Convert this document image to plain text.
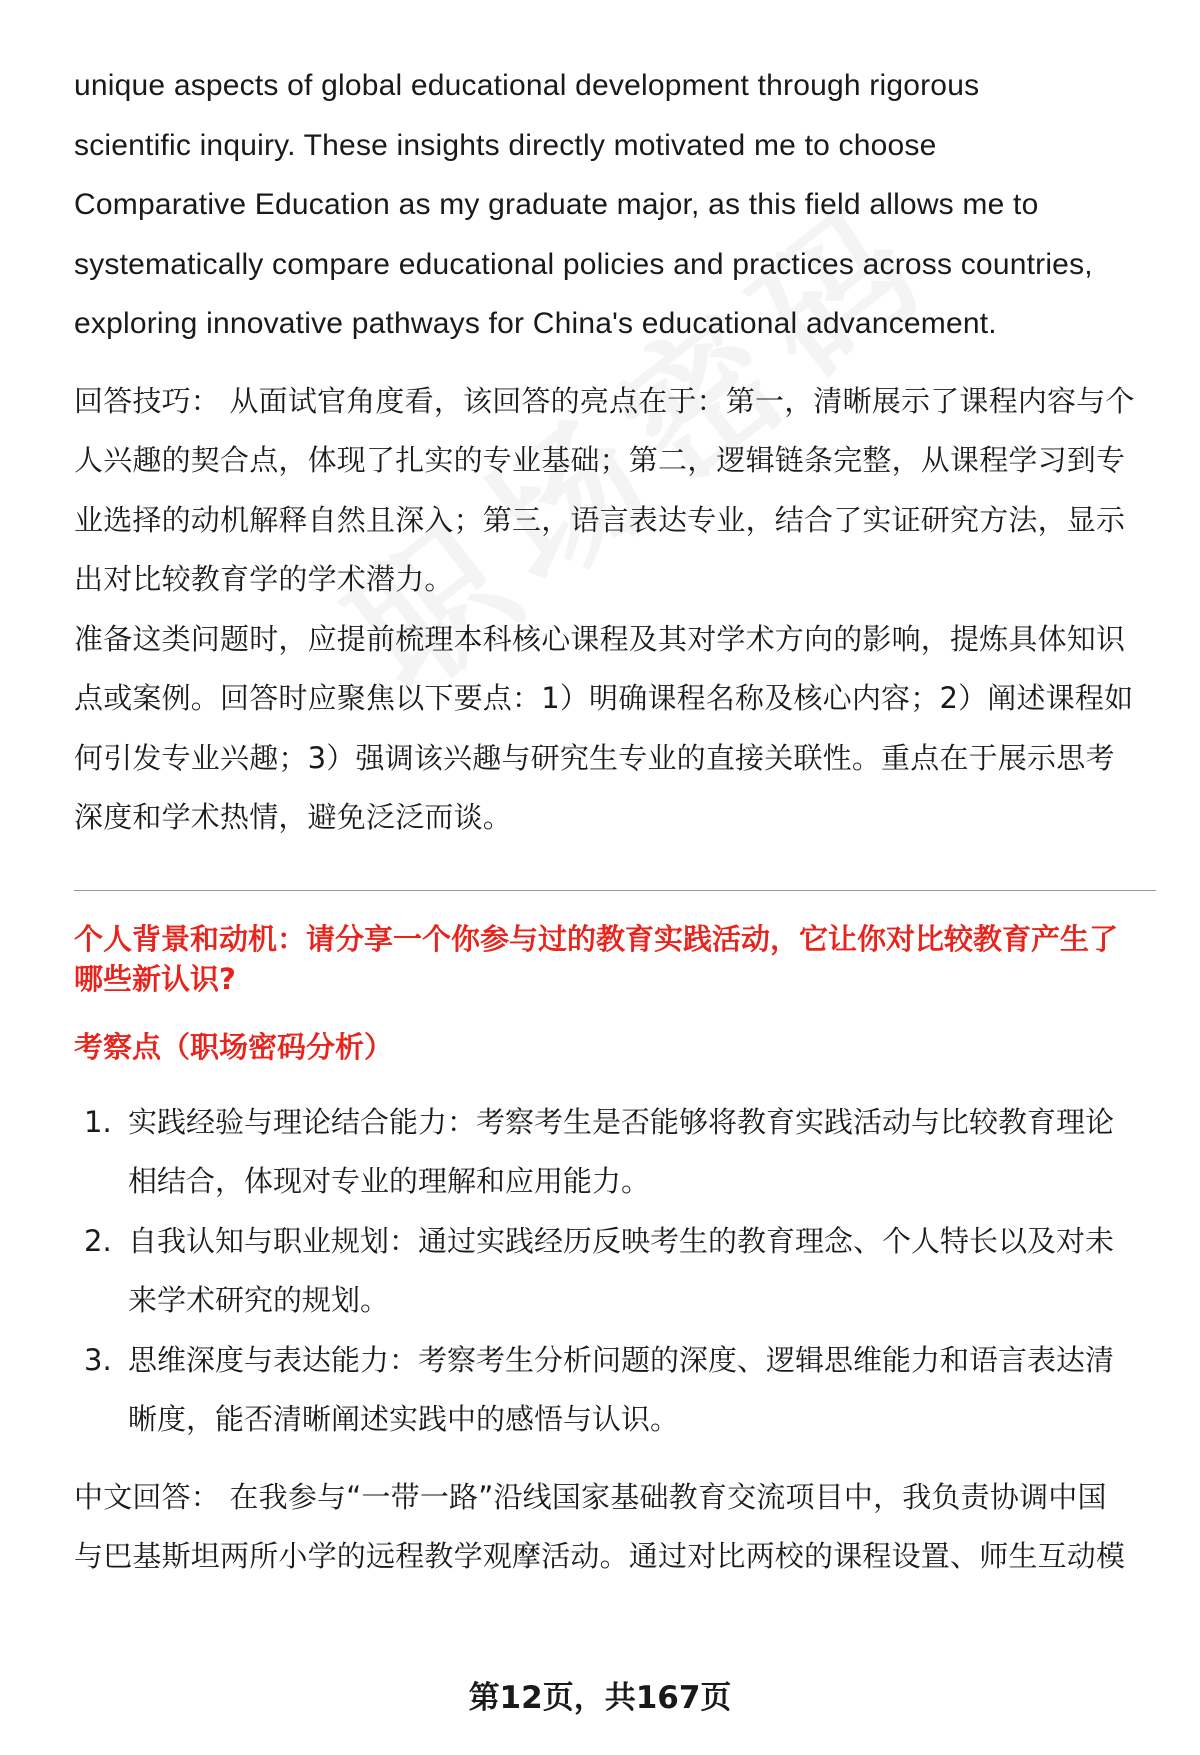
unique aspects of global educational development through rigorous

scientific inquiry. These insights directly motivated me to choose

Comparative Education as my graduate major, as this field allows me to

systematically compare educational policies and practices across countries,

exploring innovative pathways for China's educational advancement.

回答技巧： 从面试官角度看，该回答的亮点在于：第一，清晰展示了课程内容与个

人兴趣的契合点，体现了扎实的专业基础；第二，逻辑链条完整，从课程学习到专

业选择的动机解释自然且深入；第三，语言表达专业，结合了实证研究方法，显示

出对比较教育学的学术潜力。

准备这类问题时，应提前梳理本科核心课程及其对学术方向的影响，提炼具体知识

点或案例。回答时应聚焦以下要点：1）明确课程名称及核心内容；2）阐述课程如

何引发专业兴趣；3）强调该兴趣与研究生专业的直接关联性。重点在于展示思考

深度和学术热情，避免泛泛而谈。

个人背景和动机：请分享一个你参与过的教育实践活动，它让你对比较教育产生了

哪些新认识?

考察点（职场密码分析）

1. 实践经验与理论结合能力：考察考生是否能够将教育实践活动与比较教育理论
相结合，体现对专业的理解和应用能力。
2. 自我认知与职业规划：通过实践经历反映考生的教育理念、个人特长以及对未
来学术研究的规划。
3. 思维深度与表达能力：考察考生分析问题的深度、逻辑思维能力和语言表达清
晰度，能否清晰阐述实践中的感悟与认识。

中文回答： 在我参与“一带一路”沿线国家基础教育交流项目中，我负责协调中国

与巴基斯坦两所小学的远程教学观摩活动。通过对比两校的课程设置、师生互动模

第12页，共167页
